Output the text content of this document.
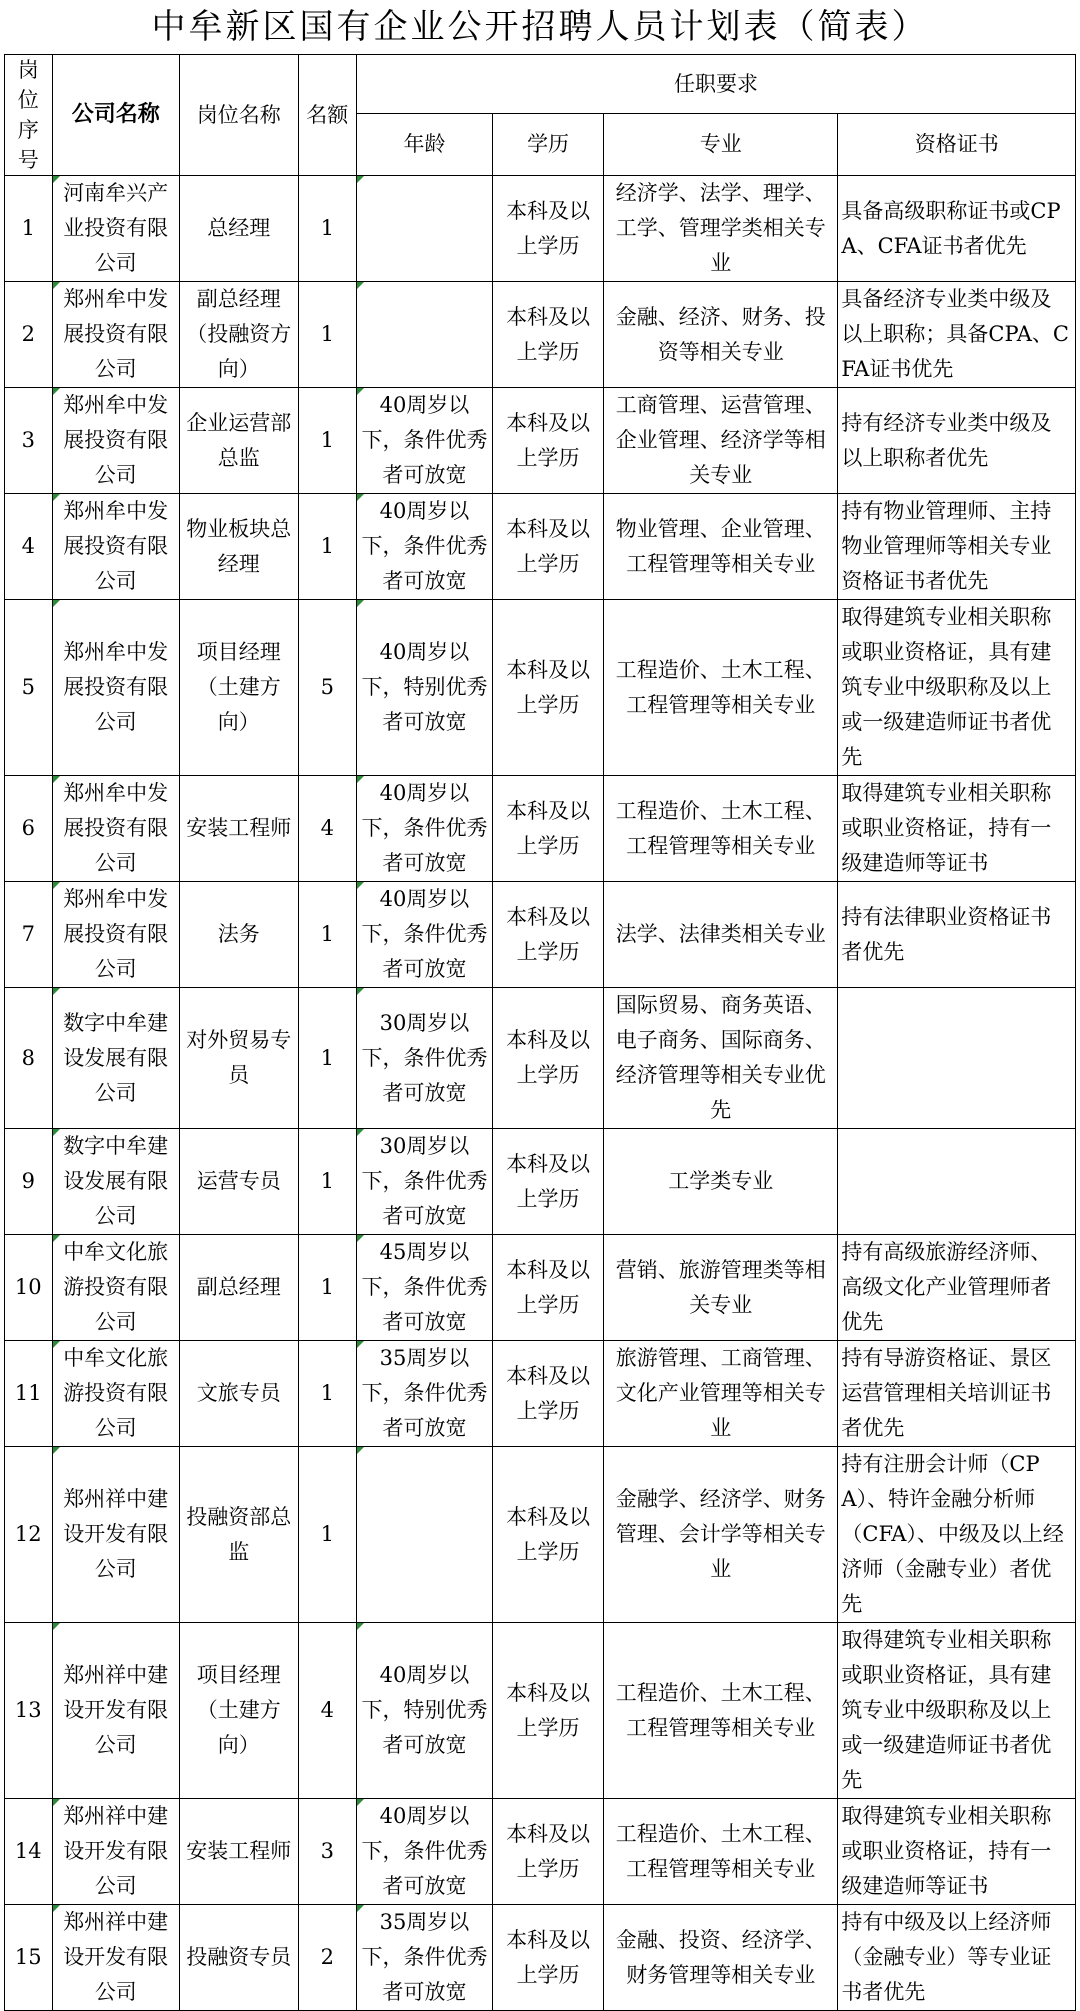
中牟新区国有企业公开招聘人员计划表（简表）
岗位序号	公司名称	岗位名称	名额	任职要求			
				年龄	学历	专业	资格证书
1	河南牟兴产业投资有限公司	总经理	1		本科及以上学历	经济学、法学、理学、工学、管理学类相关专业	具备高级职称证书或CPA、CFA证书者优先
2	郑州牟中发展投资有限公司	副总经理（投融资方向）	1		本科及以上学历	金融、经济、财务、投资等相关专业	具备经济专业类中级及以上职称；具备CPA、CFA证书优先
3	郑州牟中发展投资有限公司	企业运营部总监	1	40周岁以下，条件优秀者可放宽	本科及以上学历	工商管理、运营管理、企业管理、经济学等相关专业	持有经济专业类中级及以上职称者优先
4	郑州牟中发展投资有限公司	物业板块总经理	1	40周岁以下，条件优秀者可放宽	本科及以上学历	物业管理、企业管理、工程管理等相关专业	持有物业管理师、主持物业管理师等相关专业资格证书者优先
5	郑州牟中发展投资有限公司	项目经理（土建方向）	5	40周岁以下，特别优秀者可放宽	本科及以上学历	工程造价、土木工程、工程管理等相关专业	取得建筑专业相关职称或职业资格证，具有建筑专业中级职称及以上或一级建造师证书者优先
6	郑州牟中发展投资有限公司	安装工程师	4	40周岁以下，条件优秀者可放宽	本科及以上学历	工程造价、土木工程、工程管理等相关专业	取得建筑专业相关职称或职业资格证，持有一级建造师等证书
7	郑州牟中发展投资有限公司	法务	1	40周岁以下，条件优秀者可放宽	本科及以上学历	法学、法律类相关专业	持有法律职业资格证书者优先
8	数字中牟建设发展有限公司	对外贸易专员	1	30周岁以下，条件优秀者可放宽	本科及以上学历	国际贸易、商务英语、电子商务、国际商务、经济管理等相关专业优先	
9	数字中牟建设发展有限公司	运营专员	1	30周岁以下，条件优秀者可放宽	本科及以上学历	工学类专业	
10	中牟文化旅游投资有限公司	副总经理	1	45周岁以下，条件优秀者可放宽	本科及以上学历	营销、旅游管理类等相关专业	持有高级旅游经济师、高级文化产业管理师者优先
11	中牟文化旅游投资有限公司	文旅专员	1	35周岁以下，条件优秀者可放宽	本科及以上学历	旅游管理、工商管理、文化产业管理等相关专业	持有导游资格证、景区运营管理相关培训证书者优先
12	郑州祥中建设开发有限公司	投融资部总监	1		本科及以上学历	金融学、经济学、财务管理、会计学等相关专业	持有注册会计师（CPA）、特许金融分析师（CFA）、中级及以上经济师（金融专业）者优先
13	郑州祥中建设开发有限公司	项目经理（土建方向）	4	40周岁以下，特别优秀者可放宽	本科及以上学历	工程造价、土木工程、工程管理等相关专业	取得建筑专业相关职称或职业资格证，具有建筑专业中级职称及以上或一级建造师证书者优先
14	郑州祥中建设开发有限公司	安装工程师	3	40周岁以下，条件优秀者可放宽	本科及以上学历	工程造价、土木工程、工程管理等相关专业	取得建筑专业相关职称或职业资格证，持有一级建造师等证书
15	郑州祥中建设开发有限公司	投融资专员	2	35周岁以下，条件优秀者可放宽	本科及以上学历	金融、投资、经济学、财务管理等相关专业	持有中级及以上经济师（金融专业）等专业证书者优先
